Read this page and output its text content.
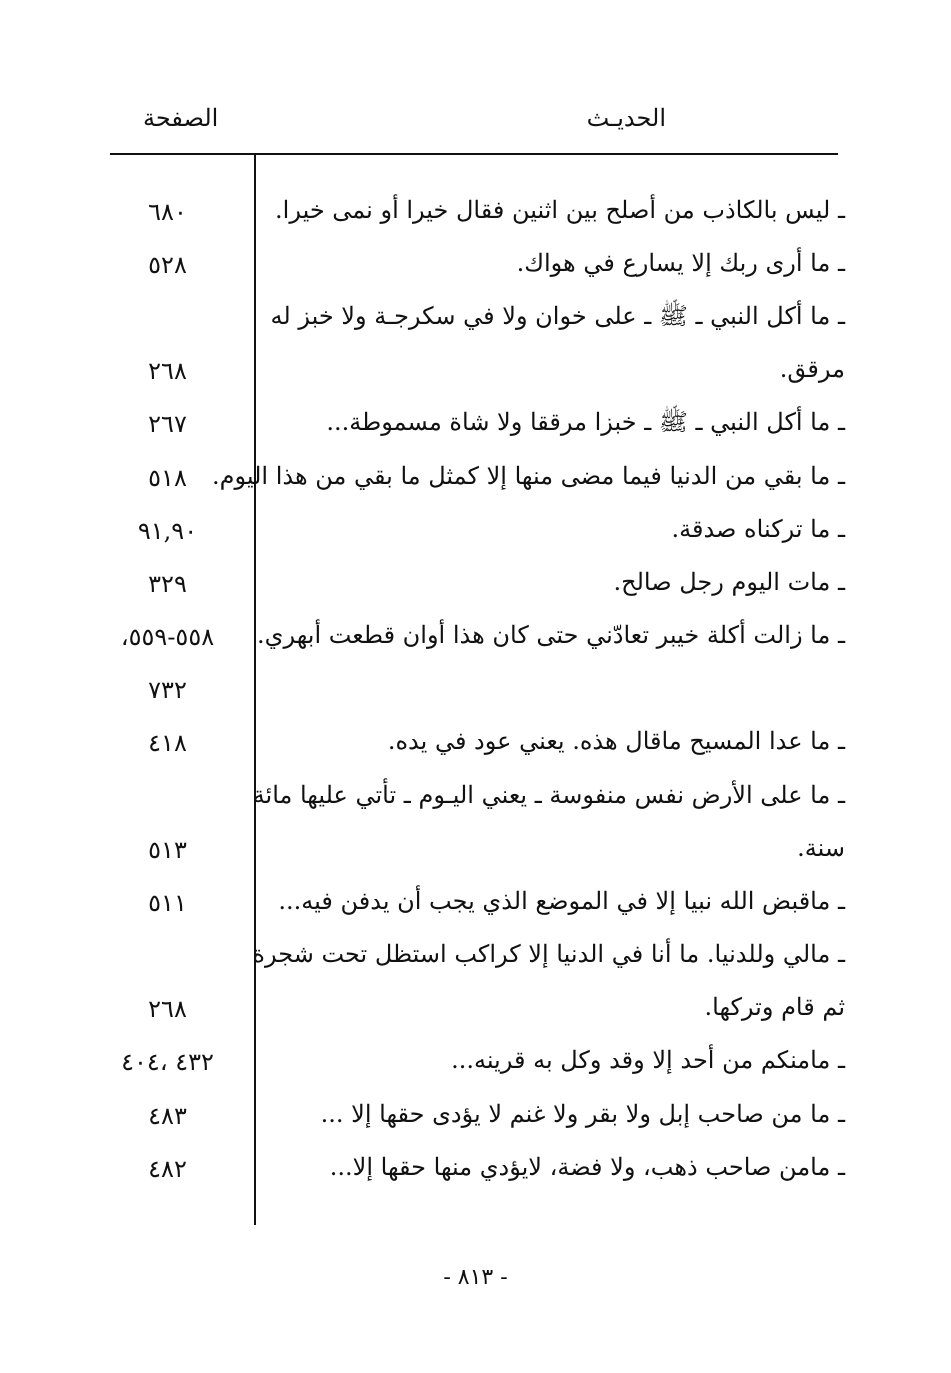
الحديـث
الصفحة
ـ ليس بالكاذب من أصلح بين اثنين فقال خيرا أو نمى خيرا.
ـ ما أرى ربك إلا يسارع في هواك.
ـ ما أكل النبي ـ ﷺ ـ على خوان ولا في سكرجـة ولا خبز له
مرقق.
ـ ما أكل النبي ـ ﷺ ـ خبزا مرققا ولا شاة مسموطة...
ـ ما بقي من الدنيا فيما مضى منها إلا كمثل ما بقي من هذا اليوم.
ـ ما تركناه صدقة.
ـ مات اليوم رجل صالح.
ـ ما زالت أكلة خيبر تعادّني حتى كان هذا أوان قطعت أبهري.
ـ ما عدا المسيح ماقال هذه. يعني عود في يده.
ـ ما على الأرض نفس منفوسة ـ يعني اليـوم ـ تأتي عليها مائة
سنة.
ـ ماقبض الله نبيا إلا في الموضع الذي يجب أن يدفن فيه...
ـ مالي وللدنيا. ما أنا في الدنيا إلا كراكب استظل تحت شجرة
ثم قام وتركها.
ـ مامنكم من أحد إلا وقد وكل به قرينه...
ـ ما من صاحب إبل ولا بقر ولا غنم لا يؤدى حقها إلا ...
ـ مامن صاحب ذهب، ولا فضة، لايؤدي منها حقها إلا...
٦٨٠
٥٢٨
٢٦٨
٢٦٧
٥١٨
٩١,٩٠
٣٢٩
٥٥٨-٥٥٩،
٧٣٢
٤١٨
٥١٣
٥١١
٢٦٨
٤٣٢ ،٤٠٤
٤٨٣
٤٨٢
- ٨١٣ -
